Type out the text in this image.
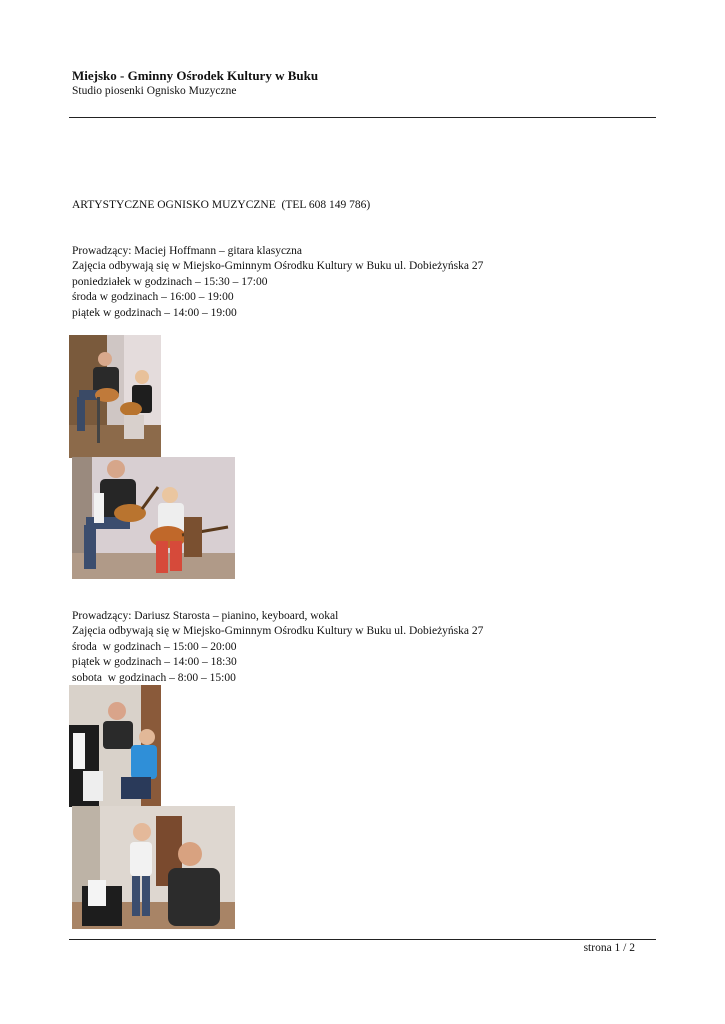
Miejsko - Gminny Ośrodek Kultury w Buku
Studio piosenki Ognisko Muzyczne
ARTYSTYCZNE OGNISKO MUZYCZNE  (TEL 608 149 786)
Prowadzący: Maciej Hoffmann – gitara klasyczna
Zajęcia odbywają się w Miejsko-Gminnym Ośrodku Kultury w Buku ul. Dobieżyńska 27
poniedziałek w godzinach – 15:30 – 17:00
środa w godzinach – 16:00 – 19:00
piątek w godzinach – 14:00 – 19:00
Prowadzący: Dariusz Starosta – pianino, keyboard, wokal
Zajęcia odbywają się w Miejsko-Gminnym Ośrodku Kultury w Buku ul. Dobieżyńska 27
środa  w godzinach – 15:00 – 20:00
piątek w godzinach – 14:00 – 18:30
sobota  w godzinach – 8:00 – 15:00
strona 1 / 2
